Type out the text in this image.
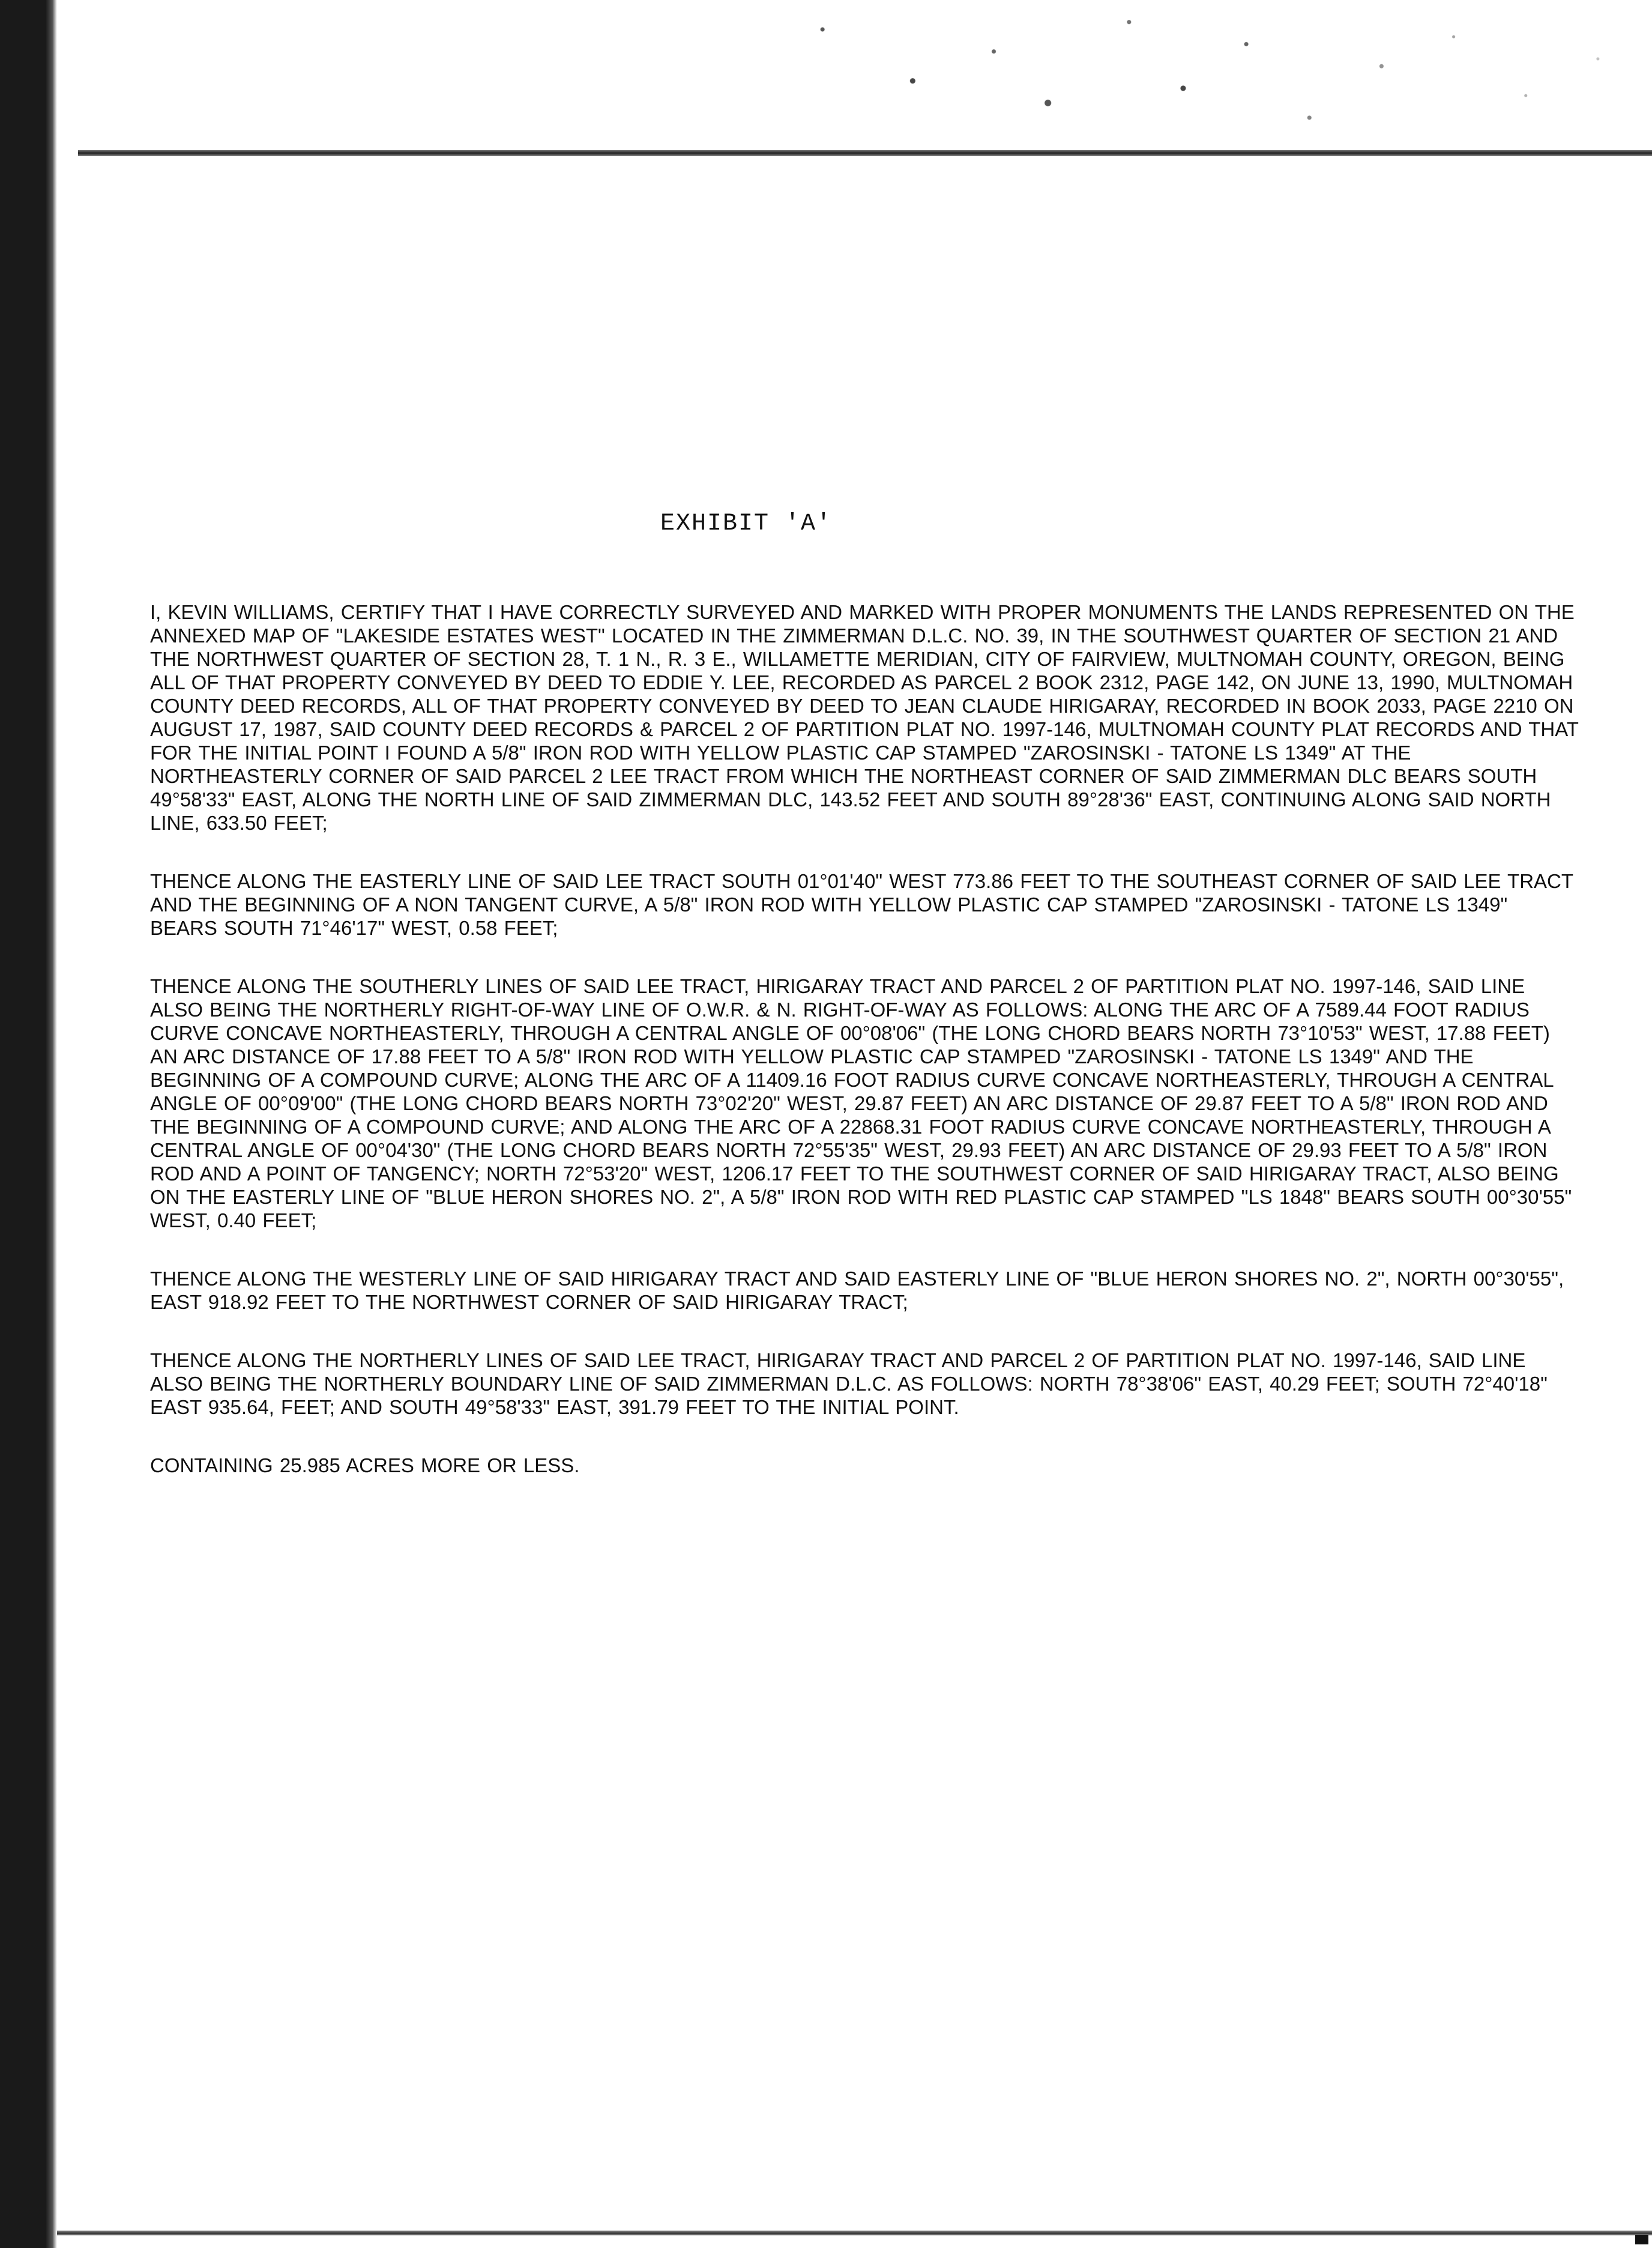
EXHIBIT 'A'

I, KEVIN WILLIAMS, CERTIFY THAT I HAVE CORRECTLY SURVEYED AND MARKED WITH PROPER MONUMENTS THE LANDS REPRESENTED ON THE ANNEXED MAP OF "LAKESIDE ESTATES WEST" LOCATED IN THE ZIMMERMAN D.L.C. NO. 39, IN THE SOUTHWEST QUARTER OF SECTION 21 AND THE NORTHWEST QUARTER OF SECTION 28, T. 1 N., R. 3 E., WILLAMETTE MERIDIAN, CITY OF FAIRVIEW, MULTNOMAH COUNTY, OREGON, BEING ALL OF THAT PROPERTY CONVEYED BY DEED TO EDDIE Y. LEE, RECORDED AS PARCEL 2 BOOK 2312, PAGE 142, ON JUNE 13, 1990, MULTNOMAH COUNTY DEED RECORDS, ALL OF THAT PROPERTY CONVEYED BY DEED TO JEAN CLAUDE HIRIGARAY, RECORDED IN BOOK 2033, PAGE 2210 ON AUGUST 17, 1987, SAID COUNTY DEED RECORDS & PARCEL 2 OF PARTITION PLAT NO. 1997-146, MULTNOMAH COUNTY PLAT RECORDS AND THAT FOR THE INITIAL POINT I FOUND A 5/8" IRON ROD WITH YELLOW PLASTIC CAP STAMPED "ZAROSINSKI - TATONE LS 1349" AT THE NORTHEASTERLY CORNER OF SAID PARCEL 2 LEE TRACT FROM WHICH THE NORTHEAST CORNER OF SAID ZIMMERMAN DLC BEARS SOUTH 49°58'33" EAST, ALONG THE NORTH LINE OF SAID ZIMMERMAN DLC, 143.52 FEET AND SOUTH 89°28'36" EAST, CONTINUING ALONG SAID NORTH LINE, 633.50 FEET;

THENCE ALONG THE EASTERLY LINE OF SAID LEE TRACT SOUTH 01°01'40" WEST 773.86 FEET TO THE SOUTHEAST CORNER OF SAID LEE TRACT AND THE BEGINNING OF A NON TANGENT CURVE, A 5/8" IRON ROD WITH YELLOW PLASTIC CAP STAMPED "ZAROSINSKI - TATONE LS 1349" BEARS SOUTH 71°46'17" WEST, 0.58 FEET;

THENCE ALONG THE SOUTHERLY LINES OF SAID LEE TRACT, HIRIGARAY TRACT AND PARCEL 2 OF PARTITION PLAT NO. 1997-146, SAID LINE ALSO BEING THE NORTHERLY RIGHT-OF-WAY LINE OF O.W.R. & N. RIGHT-OF-WAY AS FOLLOWS: ALONG THE ARC OF A 7589.44 FOOT RADIUS CURVE CONCAVE NORTHEASTERLY, THROUGH A CENTRAL ANGLE OF 00°08'06" (THE LONG CHORD BEARS NORTH 73°10'53" WEST, 17.88 FEET) AN ARC DISTANCE OF 17.88 FEET TO A 5/8" IRON ROD WITH YELLOW PLASTIC CAP STAMPED "ZAROSINSKI - TATONE LS 1349" AND THE BEGINNING OF A COMPOUND CURVE; ALONG THE ARC OF A 11409.16 FOOT RADIUS CURVE CONCAVE NORTHEASTERLY, THROUGH A CENTRAL ANGLE OF 00°09'00" (THE LONG CHORD BEARS NORTH 73°02'20" WEST, 29.87 FEET) AN ARC DISTANCE OF 29.87 FEET TO A 5/8" IRON ROD AND THE BEGINNING OF A COMPOUND CURVE; AND ALONG THE ARC OF A 22868.31 FOOT RADIUS CURVE CONCAVE NORTHEASTERLY, THROUGH A CENTRAL ANGLE OF 00°04'30" (THE LONG CHORD BEARS NORTH 72°55'35" WEST, 29.93 FEET) AN ARC DISTANCE OF 29.93 FEET TO A 5/8" IRON ROD AND A POINT OF TANGENCY; NORTH 72°53'20" WEST, 1206.17 FEET TO THE SOUTHWEST CORNER OF SAID HIRIGARAY TRACT, ALSO BEING ON THE EASTERLY LINE OF "BLUE HERON SHORES NO. 2", A 5/8" IRON ROD WITH RED PLASTIC CAP STAMPED "LS 1848" BEARS SOUTH 00°30'55" WEST, 0.40 FEET;

THENCE ALONG THE WESTERLY LINE OF SAID HIRIGARAY TRACT AND SAID EASTERLY LINE OF "BLUE HERON SHORES NO. 2", NORTH 00°30'55", EAST 918.92 FEET TO THE NORTHWEST CORNER OF SAID HIRIGARAY TRACT;

THENCE ALONG THE NORTHERLY LINES OF SAID LEE TRACT, HIRIGARAY TRACT AND PARCEL 2 OF PARTITION PLAT NO. 1997-146, SAID LINE ALSO BEING THE NORTHERLY BOUNDARY LINE OF SAID ZIMMERMAN D.L.C. AS FOLLOWS: NORTH 78°38'06" EAST, 40.29 FEET; SOUTH 72°40'18" EAST 935.64, FEET; AND SOUTH 49°58'33" EAST, 391.79 FEET TO THE INITIAL POINT.

CONTAINING 25.985 ACRES MORE OR LESS.
